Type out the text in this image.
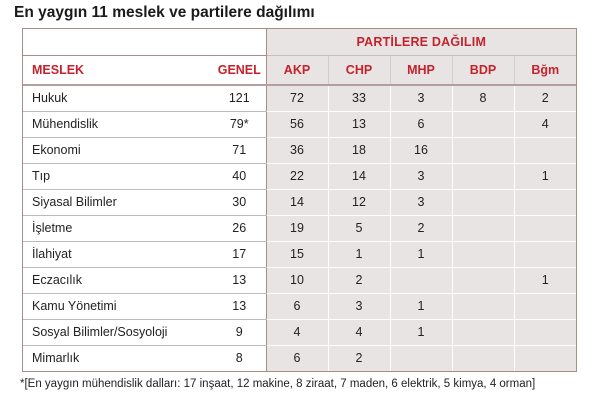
En yaygın 11 meslek ve partilere dağılımı
		PARTİLERE DAĞILIM				
MESLEK	GENEL	AKP	CHP	MHP	BDP	Bğm
Hukuk	121	72	33	3	8	2
Mühendislik	79*	56	13	6		4
Ekonomi	71	36	18	16		
Tıp	40	22	14	3		1
Siyasal Bilimler	30	14	12	3		
İşletme	26	19	5	2		
İlahiyat	17	15	1	1		
Eczacılık	13	10	2			1
Kamu Yönetimi	13	6	3	1		
Sosyal Bilimler/Sosyoloji	9	4	4	1		
Mimarlık	8	6	2			
*[En yaygın mühendislik dalları: 17 inşaat, 12 makine, 8 ziraat, 7 maden, 6 elektrik, 5 kimya, 4 orman]
